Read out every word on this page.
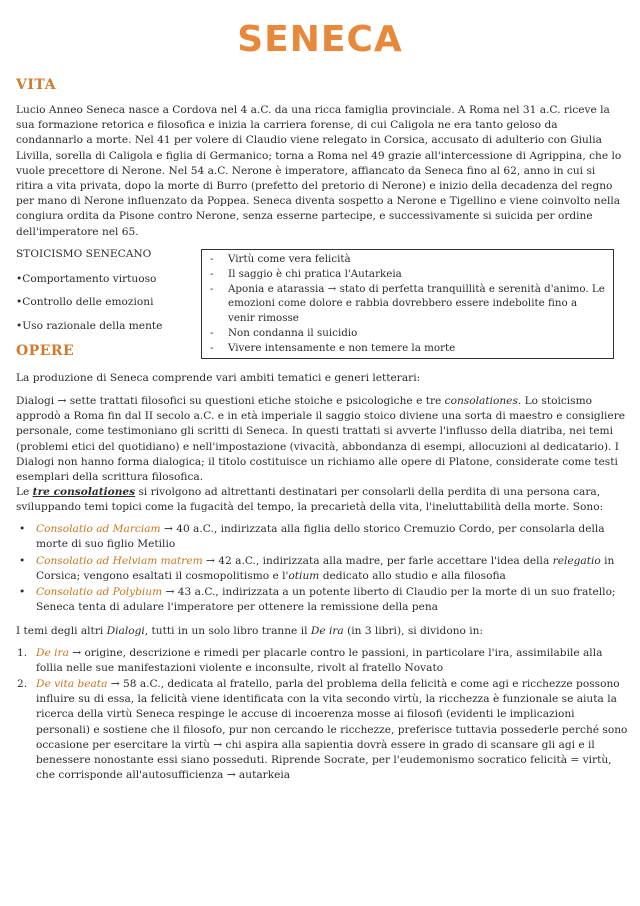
SENECA
VITA

Lucio Anneo Seneca nasce a Cordova nel 4 a.C. da una ricca famiglia provinciale. A Roma nel 31 a.C. riceve la sua formazione retorica e filosofica e inizia la carriera forense, di cui Caligola ne era tanto geloso da condannarlo a morte. Nel 41 per volere di Claudio viene relegato in Corsica, accusato di adulterio con Giulia Livilla, sorella di Caligola e figlia di Germanico; torna a Roma nel 49 grazie all'intercessione di Agrippina, che lo vuole precettore di Nerone. Nel 54 a.C. Nerone è imperatore, affiancato da Seneca fino al 62, anno in cui si ritira a vita privata, dopo la morte di Burro (prefetto del pretorio di Nerone) e inizio della decadenza del regno per mano di Nerone influenzato da Poppea. Seneca diventa sospetto a Nerone e Tigellino e viene coinvolto nella congiura ordita da Pisone contro Nerone, senza esserne partecipe, e successivamente si suicida per ordine dell'imperatore nel 65.

STOICISMO SENECANO
•Comportamento virtuoso
•Controllo delle emozioni
•Uso razionale della mente
- Virtù come vera felicità
- Il saggio è chi pratica l'Autarkeia
- Aponia e atarassia → stato di perfetta tranquillità e serenità d'animo. Le emozioni come dolore e rabbia dovrebbero essere indebolite fino a venir rimosse
- Non condanna il suicidio
- Vivere intensamente e non temere la morte
OPERE

La produzione di Seneca comprende vari ambiti tematici e generi letterari:

Dialogi → sette trattati filosofici su questioni etiche stoiche e psicologiche e tre consolationes. Lo stoicismo approdò a Roma fin dal II secolo a.C. e in età imperiale il saggio stoico diviene una sorta di maestro e consigliere personale, come testimoniano gli scritti di Seneca. In questi trattati si avverte l'influsso della diatriba, nei temi (problemi etici del quotidiano) e nell'impostazione (vivacità, abbondanza di esempi, allocuzioni al dedicatario). I Dialogi non hanno forma dialogica; il titolo costituisce un richiamo alle opere di Platone, considerate come testi esemplari della scrittura filosofica.
Le tre consolationes si rivolgono ad altrettanti destinatari per consolarli della perdita di una persona cara, sviluppando temi topici come la fugacità del tempo, la precarietà della vita, l'ineluttabilità della morte. Sono:

• Consolatio ad Marciam → 40 a.C., indirizzata alla figlia dello storico Cremuzio Cordo, per consolarla della morte di suo figlio Metilio

• Consolatio ad Helviam matrem → 42 a.C., indirizzata alla madre, per farle accettare l'idea della relegatio in Corsica; vengono esaltati il cosmopolitismo e l'otium dedicato allo studio e alla filosofia

• Consolatio ad Polybium → 43 a.C., indirizzata a un potente liberto di Claudio per la morte di un suo fratello; Seneca tenta di adulare l'imperatore per ottenere la remissione della pena

I temi degli altri Dialogi, tutti in un solo libro tranne il De ira (in 3 libri), si dividono in:

1. De ira → origine, descrizione e rimedi per placarle contro le passioni, in particolare l'ira, assimilabile alla follia nelle sue manifestazioni violente e inconsulte, rivolt al fratello Novato

2. De vita beata → 58 a.C., dedicata al fratello, parla del problema della felicità e come agi e ricchezze possono influire su di essa, la felicità viene identificata con la vita secondo virtù, la ricchezza è funzionale se aiuta la ricerca della virtù Seneca respinge le accuse di incoerenza mosse ai filosofi (evidenti le implicazioni personali) e sostiene che il filosofo, pur non cercando le ricchezze, preferisce tuttavia possederle perché sono occasione per esercitare la virtù → chi aspira alla sapientia dovrà essere in grado di scansare gli agi e il benessere nonostante essi siano posseduti. Riprende Socrate, per l'eudemonismo socratico felicità = virtù, che corrisponde all'autosufficienza → autarkeia
